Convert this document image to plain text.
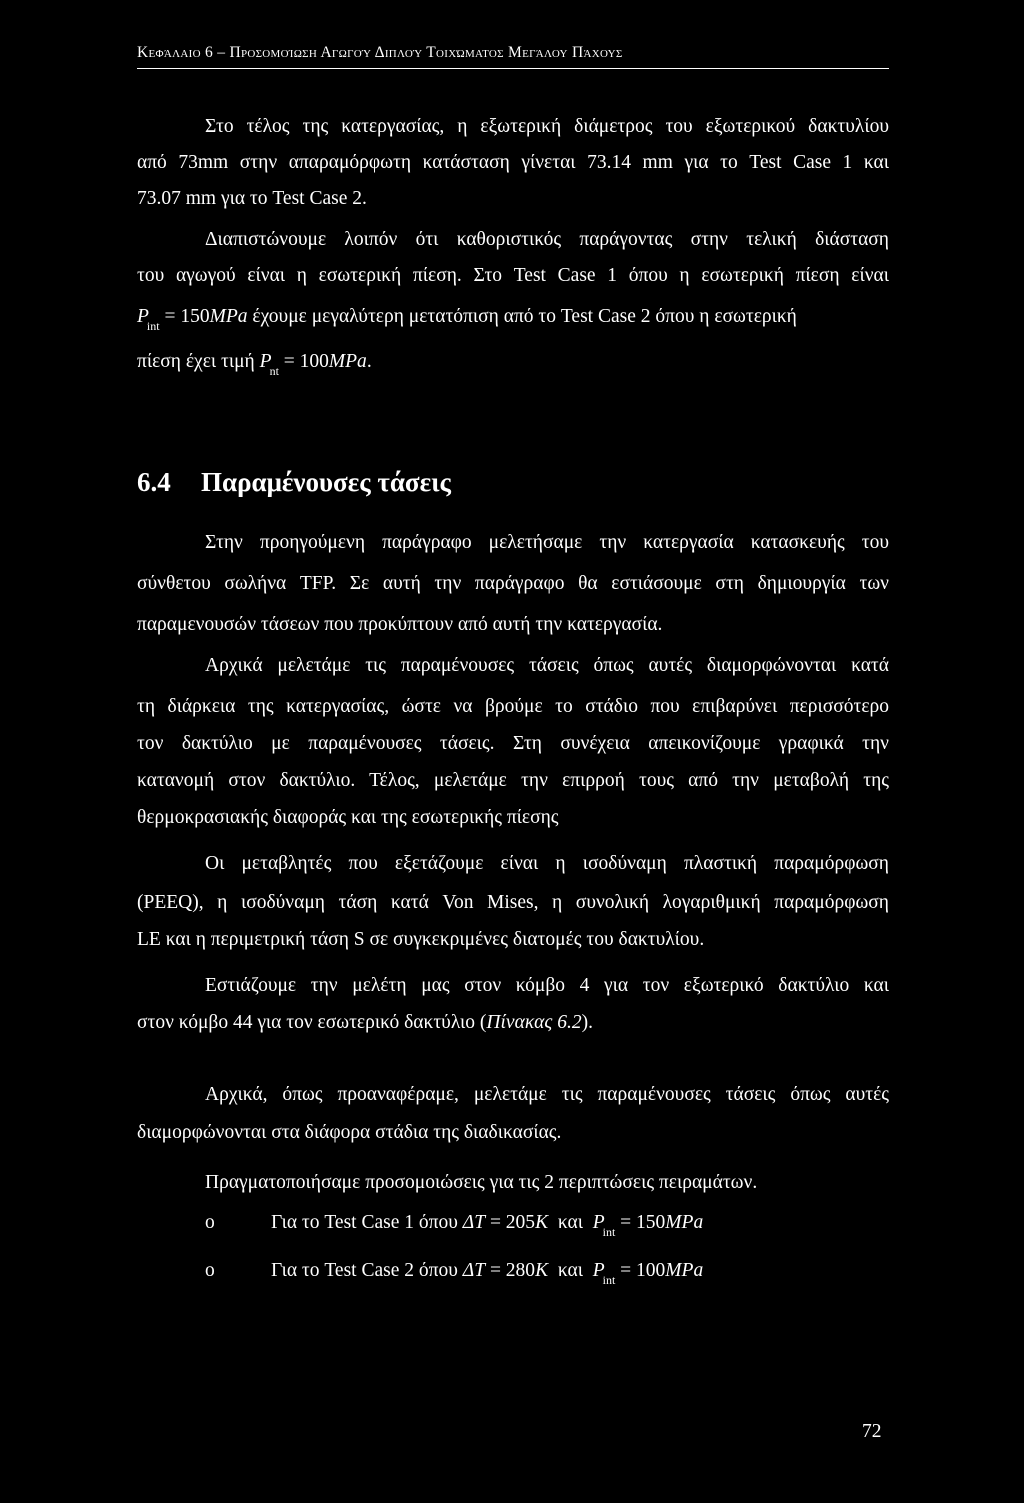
Κεφάλαιο 6 – Προσομοίωση Αγωγού Διπλού Τοιχώματος Μεγάλου Πάχους
Στο τέλος της κατεργασίας, η εξωτερική διάμετρος του εξωτερικού δακτυλίου
από 73mm στην απαραμόρφωτη κατάσταση γίνεται 73.14 mm για το Test Case 1 και
73.07 mm για το Test Case 2.
Διαπιστώνουμε λοιπόν ότι καθοριστικός παράγοντας στην τελική διάσταση
του αγωγού είναι η εσωτερική πίεση. Στο Test Case 1 όπου η εσωτερική πίεση είναι
$P_{int} = 150MPa$ έχουμε μεγαλύτερη μετατόπιση από το Test Case 2 όπου η εσωτερική
πίεση έχει τιμή $P_{nt} = 100MPa$.
6.4 Παραμένουσες τάσεις
Στην προηγούμενη παράγραφο μελετήσαμε την κατεργασία κατασκευής του
σύνθετου σωλήνα TFP. Σε αυτή την παράγραφο θα εστιάσουμε στη δημιουργία των
παραμενουσών τάσεων που προκύπτουν από αυτή την κατεργασία.
Αρχικά μελετάμε τις παραμένουσες τάσεις όπως αυτές διαμορφώνονται κατά
τη διάρκεια της κατεργασίας, ώστε να βρούμε το στάδιο που επιβαρύνει περισσότερο
τον δακτύλιο με παραμένουσες τάσεις. Στη συνέχεια απεικονίζουμε γραφικά την
κατανομή στον δακτύλιο. Τέλος, μελετάμε την επιρροή τους από την μεταβολή της
θερμοκρασιακής διαφοράς και της εσωτερικής πίεσης
Οι μεταβλητές που εξετάζουμε είναι η ισοδύναμη πλαστική παραμόρφωση
(PEEQ), η ισοδύναμη τάση κατά Von Mises, η συνολική λογαριθμική παραμόρφωση
LE και η περιμετρική τάση S σε συγκεκριμένες διατομές του δακτυλίου.
Εστιάζουμε την μελέτη μας στον κόμβο 4 για τον εξωτερικό δακτύλιο και
στον κόμβο 44 για τον εσωτερικό δακτύλιο (Πίνακας 6.2).
Αρχικά, όπως προαναφέραμε, μελετάμε τις παραμένουσες τάσεις όπως αυτές
διαμορφώνονται στα διάφορα στάδια της διαδικασίας.
Πραγματοποιήσαμε προσομοιώσεις για τις 2 περιπτώσεις πειραμάτων.
o	Για το Test Case 1 όπου ΔT = 205K  και  $P_{int} = 150MPa$
o	Για το Test Case 2 όπου ΔT = 280K  και  $P_{int} = 100MPa$
72
